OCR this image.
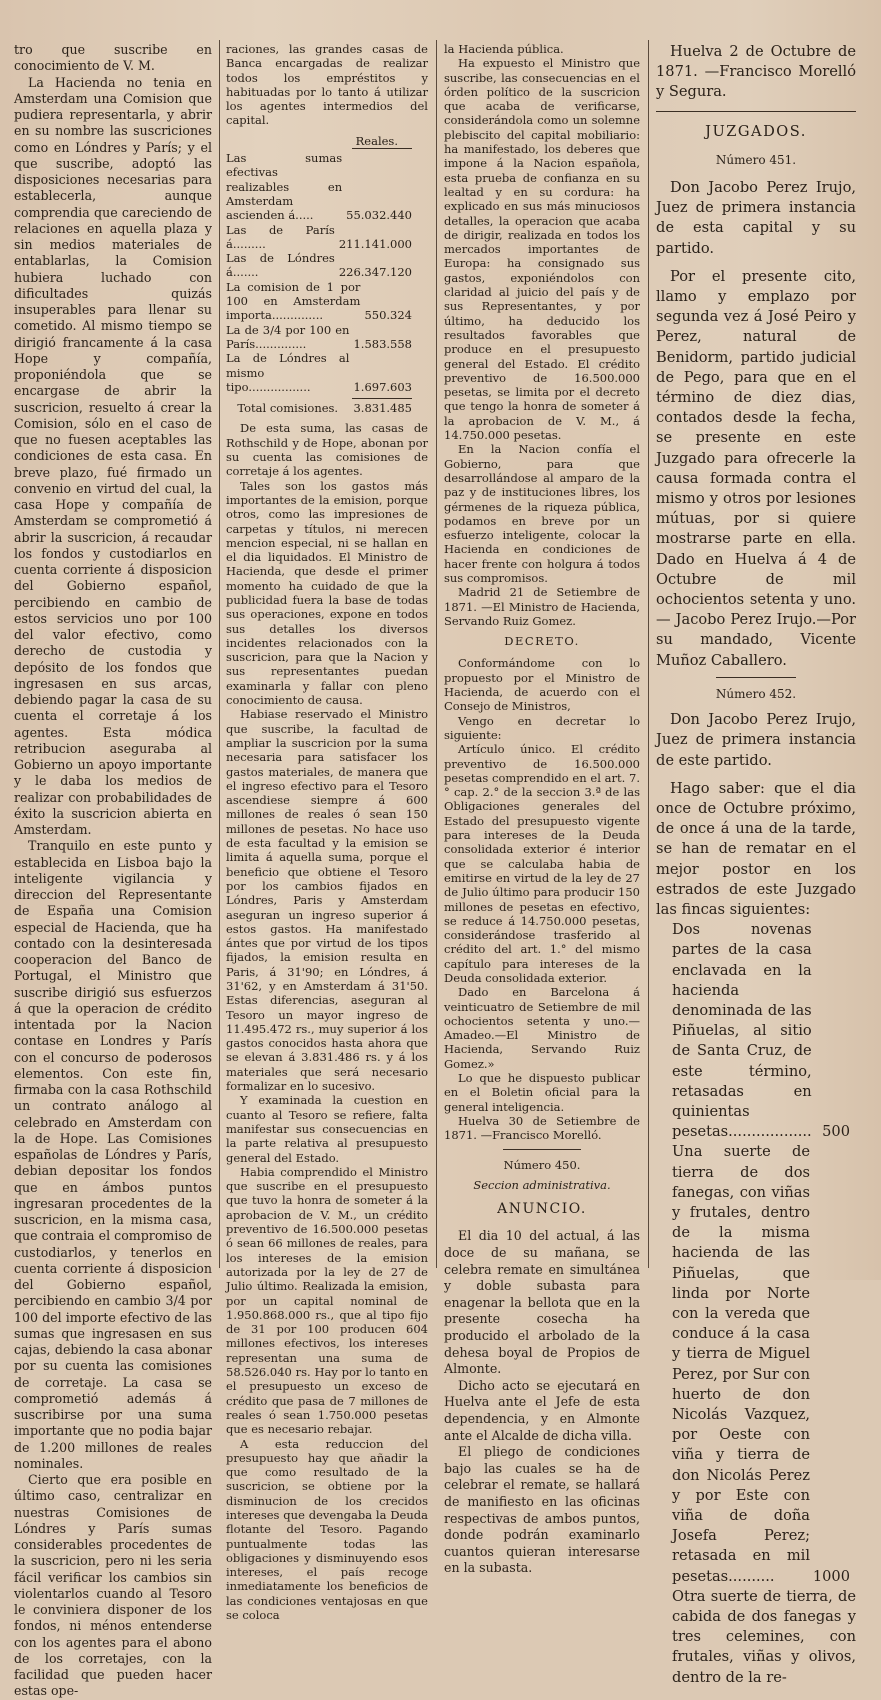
tro que suscribe en conocimiento de V. M.

La Hacienda no tenia en Amsterdam una Comision que pudiera representarla, y abrir en su nombre las suscriciones como en Lóndres y París; y el que suscribe, adoptó las disposiciones necesarias para establecerla, aunque comprendia que careciendo de relaciones en aquella plaza y sin medios materiales de entablarlas, la Comision hubiera luchado con dificultades quizás insuperables para llenar su cometido. Al mismo tiempo se dirigió francamente á la casa Hope y compañía, proponiéndola que se encargase de abrir la suscricion, resuelto á crear la Comision, sólo en el caso de que no fuesen aceptables las condiciones de esta casa. En breve plazo, fué firmado un convenio en virtud del cual, la casa Hope y compañía de Amsterdam se comprometió á abrir la suscricion, á recaudar los fondos y custodiarlos en cuenta corriente á disposicion del Gobierno español, percibiendo en cambio de estos servicios uno por 100 del valor efectivo, como derecho de custodia y depósito de los fondos que ingresasen en sus arcas, debiendo pagar la casa de su cuenta el corretaje á los agentes. Esta módica retribucion aseguraba al Gobierno un apoyo importante y le daba los medios de realizar con probabilidades de éxito la suscricion abierta en Amsterdam.

Tranquilo en este punto y establecida en Lisboa bajo la inteligente vigilancia y direccion del Representante de España una Comision especial de Hacienda, que ha contado con la desinteresada cooperacion del Banco de Portugal, el Ministro que suscribe dirigió sus esfuerzos á que la operacion de crédito intentada por la Nacion contase en Londres y París con el concurso de poderosos elementos. Con este fin, firmaba con la casa Rothschild un contrato análogo al celebrado en Amsterdam con la de Hope. Las Comisiones españolas de Lóndres y París, debian depositar los fondos que en ámbos puntos ingresaran procedentes de la suscricion, en la misma casa, que contraia el compromiso de custodiarlos, y tenerlos en cuenta corriente á disposicion del Gobierno español, percibiendo en cambio 3/4 por 100 del importe efectivo de las sumas que ingresasen en sus cajas, debiendo la casa abonar por su cuenta las comisiones de corretaje. La casa se comprometió además á suscribirse por una suma importante que no podia bajar de 1.200 millones de reales nominales.

Cierto que era posible en último caso, centralizar en nuestras Comisiones de Lóndres y París sumas considerables procedentes de la suscricion, pero ni les seria fácil verificar los cambios sin violentarlos cuando al Tesoro le conviniera disponer de los fondos, ni ménos entenderse con los agentes para el abono de los corretajes, con la facilidad que pueden hacer estas ope-

raciones, las grandes casas de Banca encargadas de realizar todos los empréstitos y habituadas por lo tanto á utilizar los agentes intermedios del capital.

Reales.
Las sumas efectivas realizables en Amsterdam ascienden á.....	55.032.440
Las de París á.........	211.141.000
Las de Lóndres á.......	226.347.120
La comision de 1 por 100 en Amsterdam importa..............	550.324
La de 3/4 por 100 en París..............	1.583.558
La de Lóndres al mismo tipo.................	1.697.603
Total comisiones.	3.831.485

De esta suma, las casas de Rothschild y de Hope, abonan por su cuenta las comisiones de corretaje á los agentes.

Tales son los gastos más importantes de la emision, porque otros, como las impresiones de carpetas y títulos, ni merecen mencion especial, ni se hallan en el dia liquidados. El Ministro de Hacienda, que desde el primer momento ha cuidado de que la publicidad fuera la base de todas sus operaciones, expone en todos sus detalles los diversos incidentes relacionados con la suscricion, para que la Nacion y sus representantes puedan examinarla y fallar con pleno conocimiento de causa.

Habiase reservado el Ministro que suscribe, la facultad de ampliar la suscricion por la suma necesaria para satisfacer los gastos materiales, de manera que el ingreso efectivo para el Tesoro ascendiese siempre á 600 millones de reales ó sean 150 millones de pesetas. No hace uso de esta facultad y la emision se limita á aquella suma, porque el beneficio que obtiene el Tesoro por los cambios fijados en Lóndres, Paris y Amsterdam aseguran un ingreso superior á estos gastos. Ha manifestado ántes que por virtud de los tipos fijados, la emision resulta en Paris, á 31'90; en Lóndres, á 31'62, y en Amsterdam á 31'50. Estas diferencias, aseguran al Tesoro un mayor ingreso de 11.495.472 rs., muy superior á los gastos conocidos hasta ahora que se elevan á 3.831.486 rs. y á los materiales que será necesario formalizar en lo sucesivo.

Y examinada la cuestion en cuanto al Tesoro se refiere, falta manifestar sus consecuencias en la parte relativa al presupuesto general del Estado.

Habia comprendido el Ministro que suscribe en el presupuesto que tuvo la honra de someter á la aprobacion de V. M., un crédito preventivo de 16.500.000 pesetas ó sean 66 millones de reales, para los intereses de la emision autorizada por la ley de 27 de Julio último. Realizada la emision, por un capital nominal de 1.950.868.000 rs., que al tipo fijo de 31 por 100 producen 604 millones efectivos, los intereses representan una suma de 58.526.040 rs. Hay por lo tanto en el presupuesto un exceso de crédito que pasa de 7 millones de reales ó sean 1.750.000 pesetas que es necesario rebajar.

A esta reduccion del presupuesto hay que añadir la que como resultado de la suscricion, se obtiene por la disminucion de los crecidos intereses que devengaba la Deuda flotante del Tesoro. Pagando puntualmente todas las obligaciones y disminuyendo esos intereses, el país recoge inmediatamente los beneficios de las condiciones ventajosas en que se coloca

la Hacienda pública.

Ha expuesto el Ministro que suscribe, las consecuencias en el órden político de la suscricion que acaba de verificarse, considerándola como un solemne plebiscito del capital mobiliario: ha manifestado, los deberes que impone á la Nacion española, esta prueba de confianza en su lealtad y en su cordura: ha explicado en sus más minuciosos detalles, la operacion que acaba de dirigir, realizada en todos los mercados importantes de Europa: ha consignado sus gastos, exponiéndolos con claridad al juicio del país y de sus Representantes, y por último, ha deducido los resultados favorables que produce en el presupuesto general del Estado. El crédito preventivo de 16.500.000 pesetas, se limita por el decreto que tengo la honra de someter á la aprobacion de V. M., á 14.750.000 pesetas.

En la Nacion confía el Gobierno, para que desarrollándose al amparo de la paz y de instituciones libres, los gérmenes de la riqueza pública, podamos en breve por un esfuerzo inteligente, colocar la Hacienda en condiciones de hacer frente con holgura á todos sus compromisos.

Madrid 21 de Setiembre de 1871. —El Ministro de Hacienda, Servando Ruiz Gomez.

DECRETO.

Conformándome con lo propuesto por el Ministro de Hacienda, de acuerdo con el Consejo de Ministros,

Vengo en decretar lo siguiente:

Artículo único. El crédito preventivo de 16.500.000 pesetas comprendido en el art. 7.° cap. 2.° de la seccion 3.ª de las Obligaciones generales del Estado del presupuesto vigente para intereses de la Deuda consolidada exterior é interior que se calculaba habia de emitirse en virtud de la ley de 27 de Julio último para producir 150 millones de pesetas en efectivo, se reduce á 14.750.000 pesetas, considerándose trasferido al crédito del art. 1.° del mismo capítulo para intereses de la Deuda consolidada exterior.

Dado en Barcelona á veinticuatro de Setiembre de mil ochocientos setenta y uno.—Amadeo.—El Ministro de Hacienda, Servando Ruiz Gomez.»

Lo que he dispuesto publicar en el Boletin oficial para la general inteligencia.

Huelva 30 de Setiembre de 1871. —Francisco Morelló.

Número 450.
Seccion administrativa.
ANUNCIO.

El dia 10 del actual, á las doce de su mañana, se celebra remate en simultánea y doble subasta para enagenar la bellota que en la presente cosecha ha producido el arbolado de la dehesa boyal de Propios de Almonte.

Dicho acto se ejecutará en Huelva ante el Jefe de esta dependencia, y en Almonte ante el Alcalde de dicha villa.

El pliego de condiciones bajo las cuales se ha de celebrar el remate, se hallará de manifiesto en las oficinas respectivas de ambos puntos, donde podrán examinarlo cuantos quieran interesarse en la subasta.

Huelva 2 de Octubre de 1871. —Francisco Morelló y Segura.

JUZGADOS.
Número 451.

Don Jacobo Perez Irujo, Juez de primera instancia de esta capital y su partido.

Por el presente cito, llamo y emplazo por segunda vez á José Peiro y Perez, natural de Benidorm, partido judicial de Pego, para que en el término de diez dias, contados desde la fecha, se presente en este Juzgado para ofrecerle la causa formada contra el mismo y otros por lesiones mútuas, por si quiere mostrarse parte en ella. Dado en Huelva á 4 de Octubre de mil ochocientos setenta y uno.— Jacobo Perez Irujo.—Por su mandado, Vicente Muñoz Caballero.

Número 452.

Don Jacobo Perez Irujo, Juez de primera instancia de este partido.

Hago saber: que el dia once de Octubre próximo, de once á una de la tarde, se han de rematar en el mejor postor en los estrados de este Juzgado las fincas siguientes:

Dos novenas partes de la casa enclavada en la hacienda denominada de las Piñuelas, al sitio de Santa Cruz, de este término, retasadas en quinientas pesetas.................. 500
Una suerte de tierra de dos fanegas, con viñas y frutales, dentro de la misma hacienda de las Piñuelas, que linda por Norte con la vereda que conduce á la casa y tierra de Miguel Perez, por Sur con huerto de don Nicolás Vazquez, por Oeste con viña y tierra de don Nicolás Perez y por Este con viña de doña Josefa Perez; retasada en mil pesetas..........	1000
Otra suerte de tierra, de cabida de dos fanegas y tres celemines, con frutales, viñas y olivos, dentro de la re-
